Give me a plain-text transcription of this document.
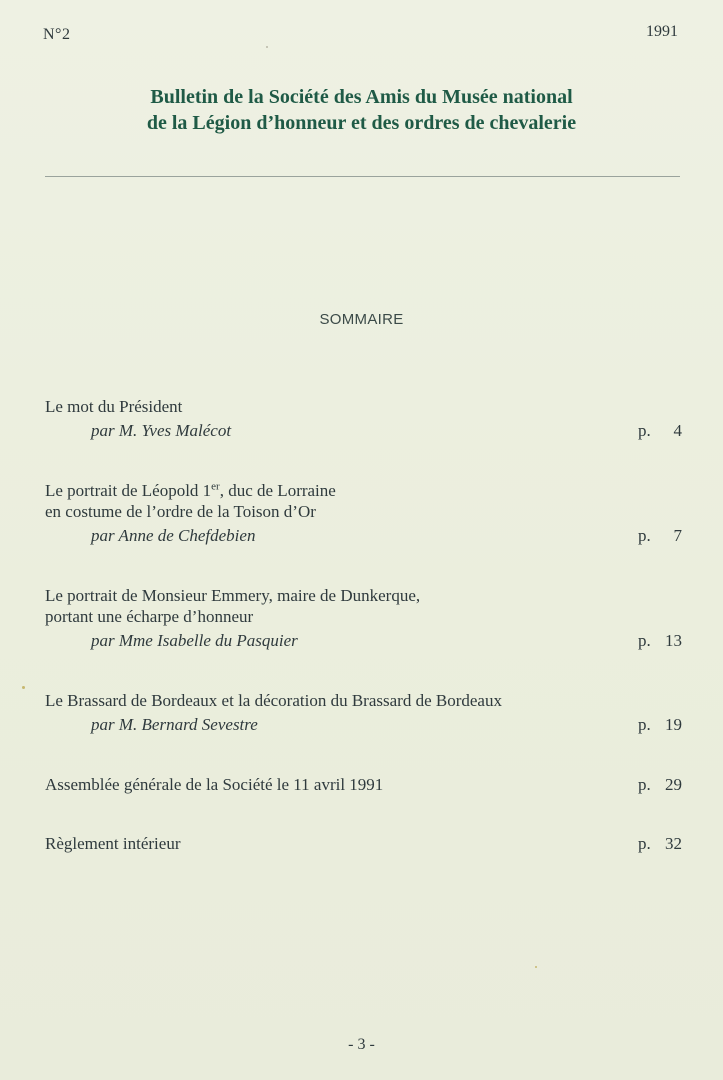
N°2	1991
Bulletin de la Société des Amis du Musée national
de la Légion d’honneur et des ordres de chevalerie
SOMMAIRE
Le mot du Président
par M. Yves Malécot	p. 4
Le portrait de Léopold 1er, duc de Lorraine
en costume de l’ordre de la Toison d’Or
par Anne de Chefdebien	p. 7
Le portrait de Monsieur Emmery, maire de Dunkerque,
portant une écharpe d’honneur
par Mme Isabelle du Pasquier	p. 13
Le Brassard de Bordeaux et la décoration du Brassard de Bordeaux
par M. Bernard Sevestre	p. 19
Assemblée générale de la Société le 11 avril 1991	p. 29
Règlement intérieur	p. 32
- 3 -
